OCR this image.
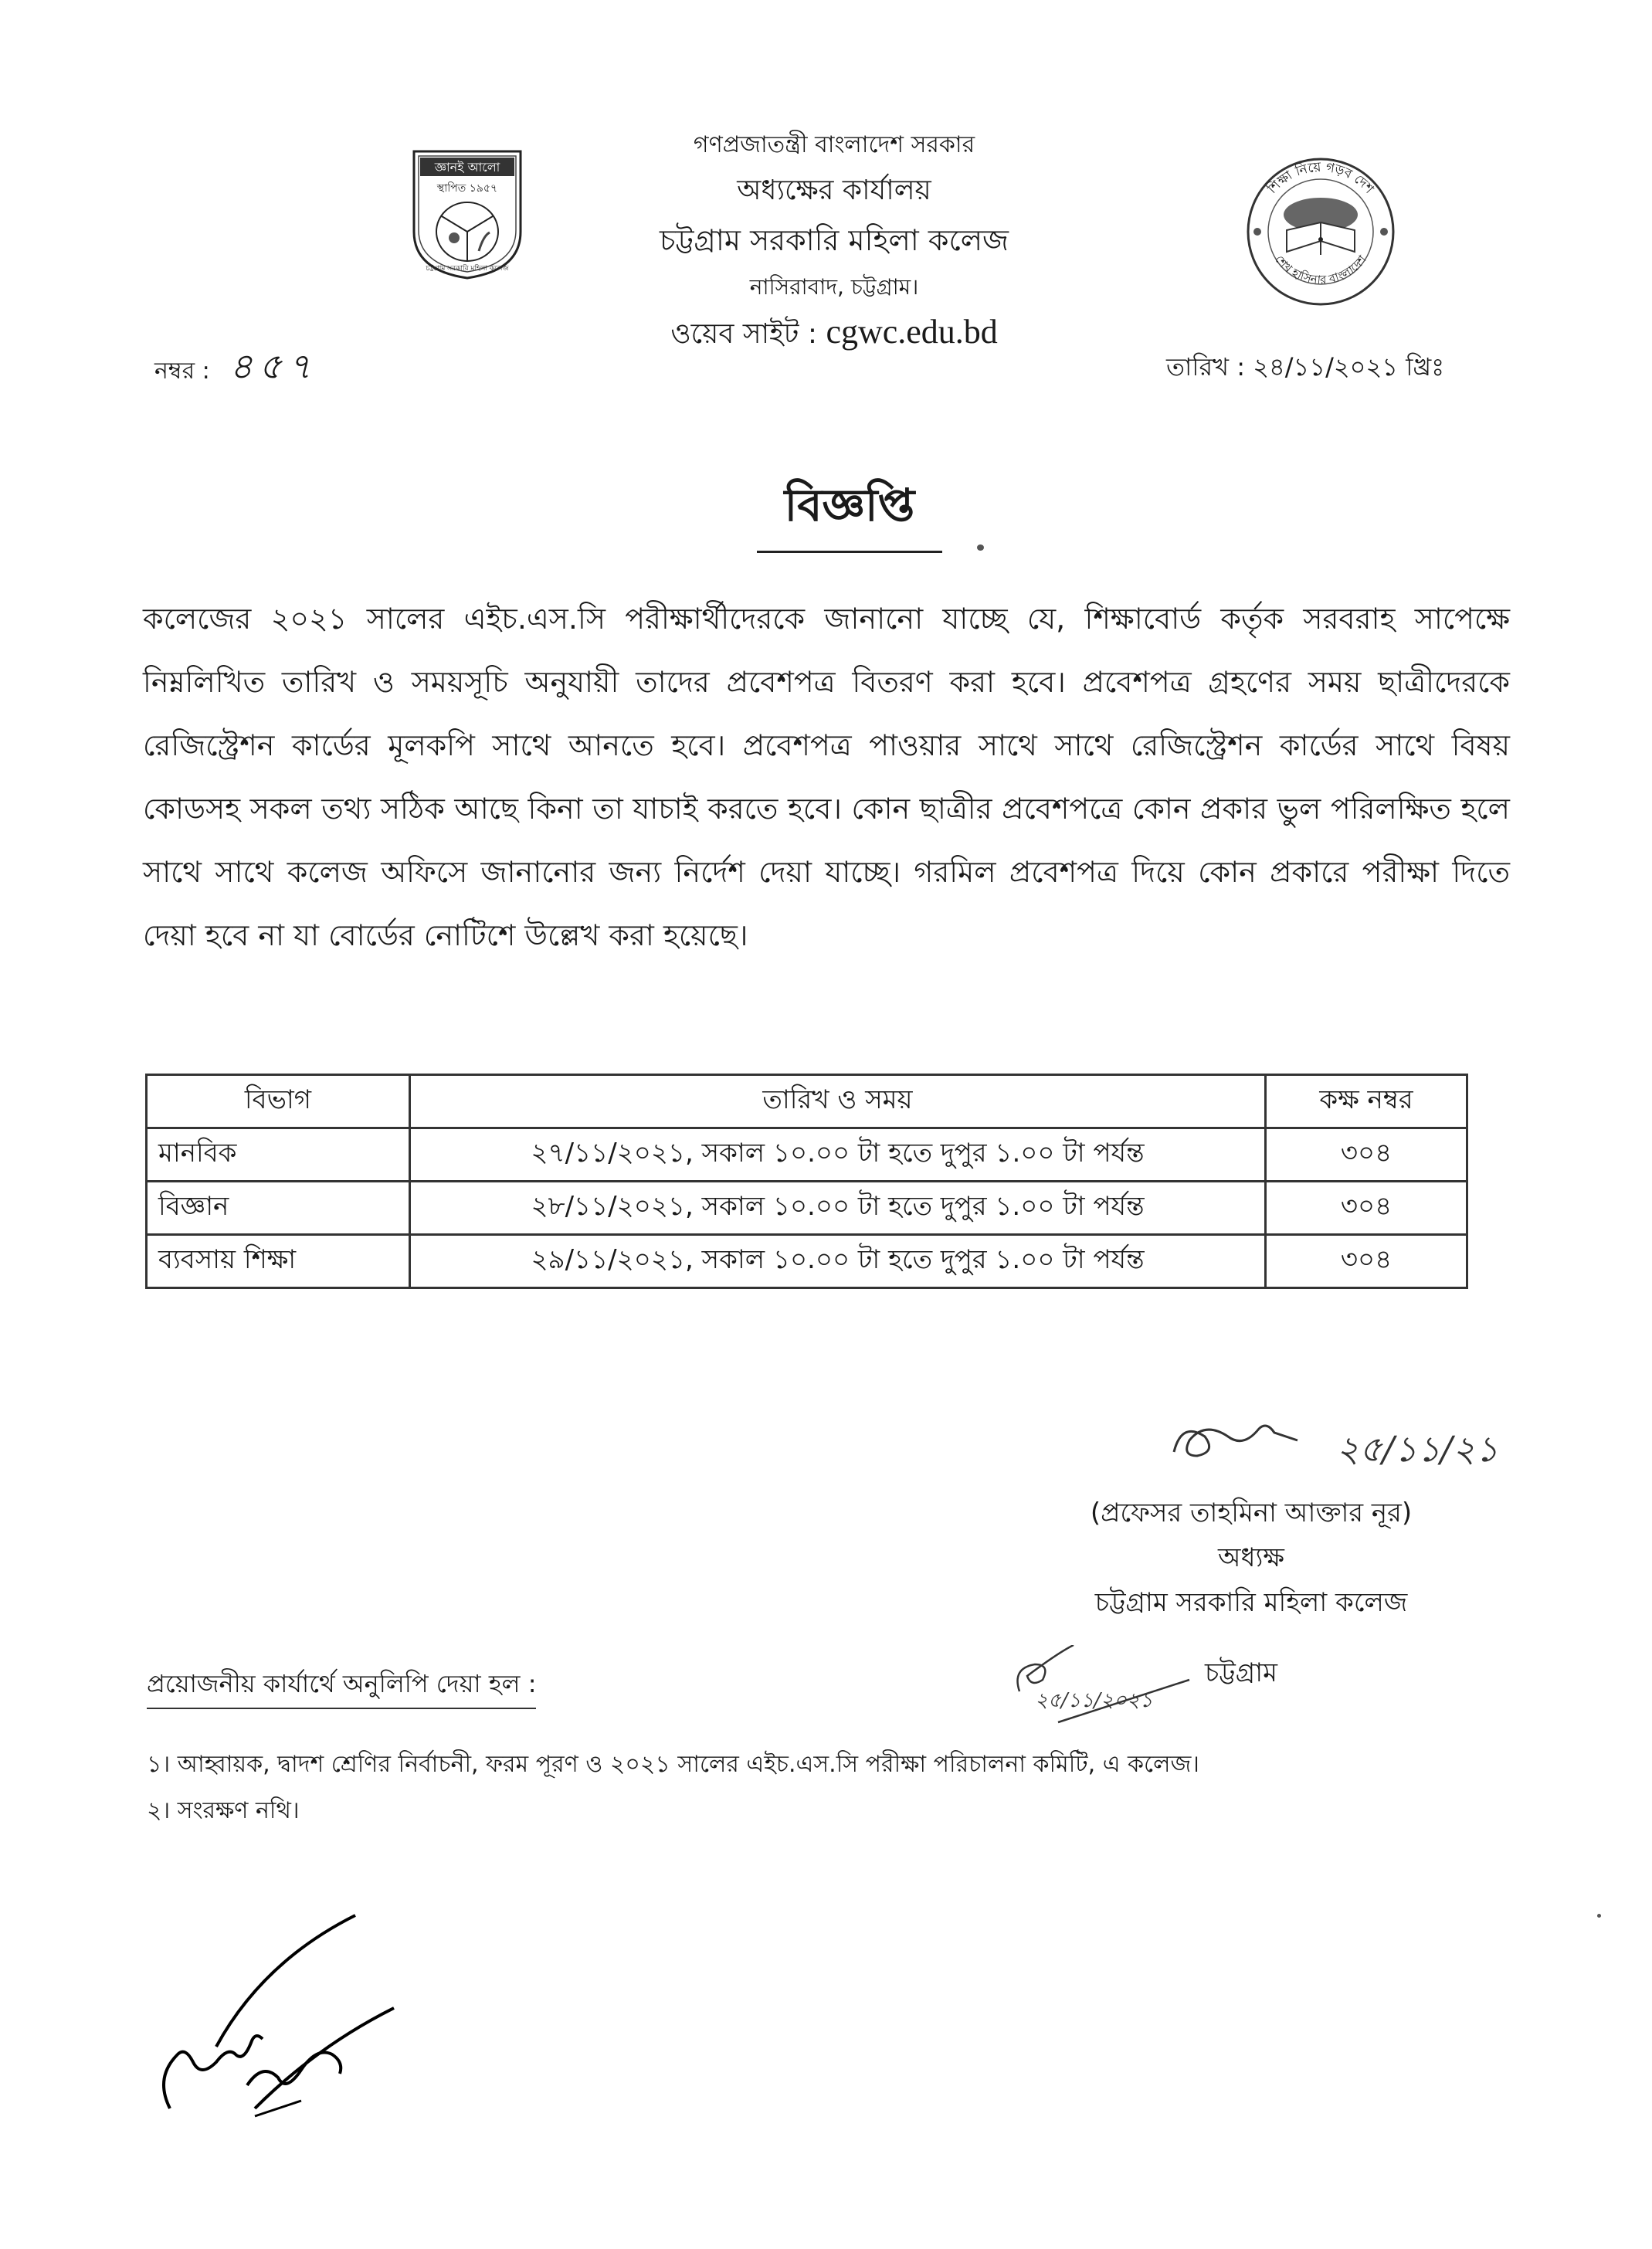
জ্ঞানই আলো
স্থাপিত ১৯৫৭
চট্টগ্রাম সরকারি মহিলা কলেজ
গণপ্রজাতন্ত্রী বাংলাদেশ সরকার
অধ্যক্ষের কার্যালয়
চট্টগ্রাম সরকারি মহিলা কলেজ
নাসিরাবাদ, চট্টগ্রাম।
ওয়েব সাইট : cgwc.edu.bd
শিক্ষা নিয়ে গড়ব দেশ
শেখ হাসিনার বাংলাদেশ
নম্বর : ৪৫৭	তারিখ : ২৪/১১/২০২১ খ্রিঃ
বিজ্ঞপ্তি
কলেজের ২০২১ সালের এইচ.এস.সি পরীক্ষার্থীদেরকে জানানো যাচ্ছে যে, শিক্ষাবোর্ড কর্তৃক সরবরাহ সাপেক্ষে নিম্নলিখিত তারিখ ও সময়সূচি অনুযায়ী তাদের প্রবেশপত্র বিতরণ করা হবে। প্রবেশপত্র গ্রহণের সময় ছাত্রীদেরকে রেজিস্ট্রেশন কার্ডের মূলকপি সাথে আনতে হবে। প্রবেশপত্র পাওয়ার সাথে সাথে রেজিস্ট্রেশন কার্ডের সাথে বিষয় কোডসহ সকল তথ্য সঠিক আছে কিনা তা যাচাই করতে হবে। কোন ছাত্রীর প্রবেশপত্রে কোন প্রকার ভুল পরিলক্ষিত হলে সাথে সাথে কলেজ অফিসে জানানোর জন্য নির্দেশ দেয়া যাচ্ছে। গরমিল প্রবেশপত্র দিয়ে কোন প্রকারে পরীক্ষা দিতে দেয়া হবে না যা বোর্ডের নোটিশে উল্লেখ করা হয়েছে।
বিভাগ	তারিখ ও সময়	কক্ষ নম্বর
মানবিক	২৭/১১/২০২১, সকাল ১০.০০ টা হতে দুপুর ১.০০ টা পর্যন্ত	৩০৪
বিজ্ঞান	২৮/১১/২০২১, সকাল ১০.০০ টা হতে দুপুর ১.০০ টা পর্যন্ত	৩০৪
ব্যবসায় শিক্ষা	২৯/১১/২০২১, সকাল ১০.০০ টা হতে দুপুর ১.০০ টা পর্যন্ত	৩০৪
২৫/১১/২১
(প্রফেসর তাহমিনা আক্তার নূর)
অধ্যক্ষ
চট্টগ্রাম সরকারি মহিলা কলেজ
২৫/১১/২০২১
চট্টগ্রাম
প্রয়োজনীয় কার্যার্থে অনুলিপি দেয়া হল :
১। আহ্বায়ক, দ্বাদশ শ্রেণির নির্বাচনী, ফরম পূরণ ও ২০২১ সালের এইচ.এস.সি পরীক্ষা পরিচালনা কমিটি, এ কলেজ।
২। সংরক্ষণ নথি।
